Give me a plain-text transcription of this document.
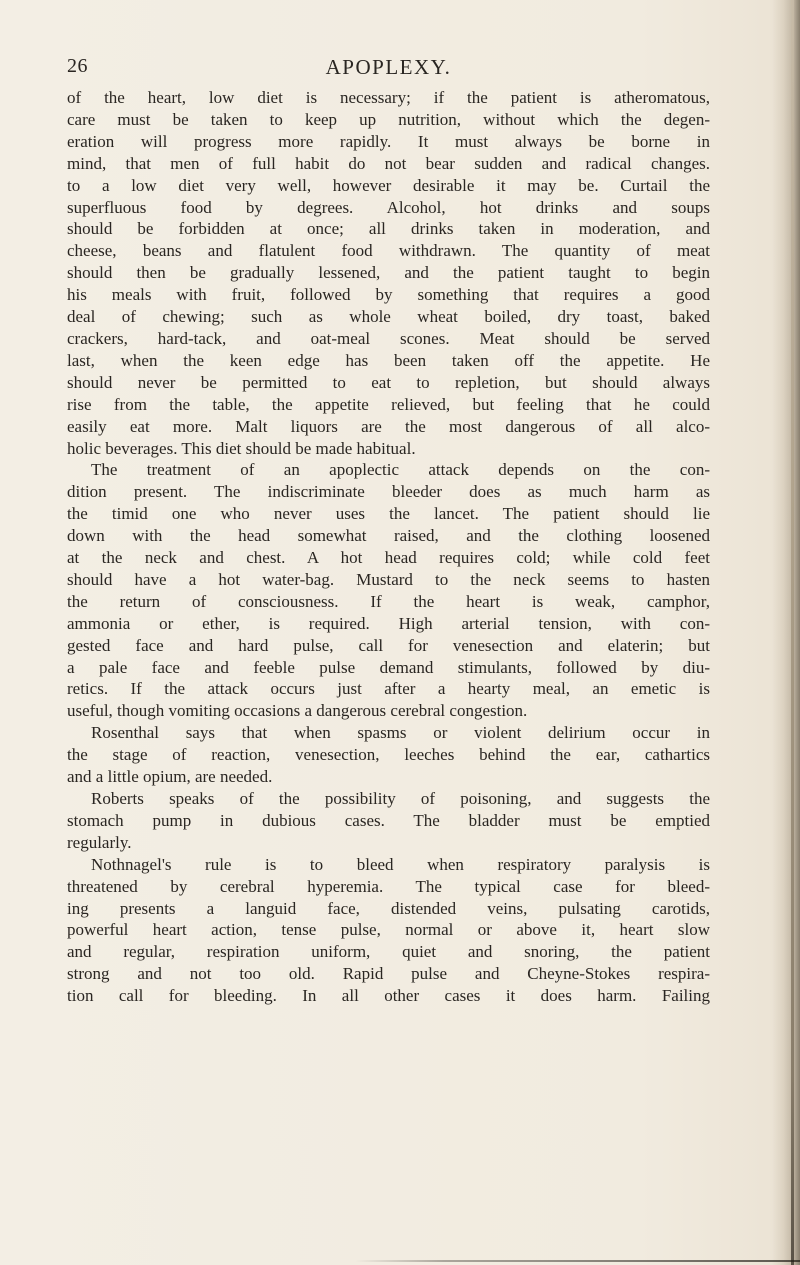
26	APOPLEXY.

of the heart, low diet is necessary; if the patient is atheromatous,

care must be taken to keep up nutrition, without which the degen-

eration will progress more rapidly. It must always be borne in

mind, that men of full habit do not bear sudden and radical changes.

to a low diet very well, however desirable it may be. Curtail the

superfluous food by degrees. Alcohol, hot drinks and soups

should be forbidden at once; all drinks taken in moderation, and

cheese, beans and flatulent food withdrawn. The quantity of meat

should then be gradually lessened, and the patient taught to begin

his meals with fruit, followed by something that requires a good

deal of chewing; such as whole wheat boiled, dry toast, baked

crackers, hard-tack, and oat-meal scones. Meat should be served

last, when the keen edge has been taken off the appetite. He

should never be permitted to eat to repletion, but should always

rise from the table, the appetite relieved, but feeling that he could

easily eat more. Malt liquors are the most dangerous of all alco-

holic beverages. This diet should be made habitual.

The treatment of an apoplectic attack depends on the con-

dition present. The indiscriminate bleeder does as much harm as

the timid one who never uses the lancet. The patient should lie

down with the head somewhat raised, and the clothing loosened

at the neck and chest. A hot head requires cold; while cold feet

should have a hot water-bag. Mustard to the neck seems to hasten

the return of consciousness. If the heart is weak, camphor,

ammonia or ether, is required. High arterial tension, with con-

gested face and hard pulse, call for venesection and elaterin; but

a pale face and feeble pulse demand stimulants, followed by diu-

retics. If the attack occurs just after a hearty meal, an emetic is

useful, though vomiting occasions a dangerous cerebral congestion.

Rosenthal says that when spasms or violent delirium occur in

the stage of reaction, venesection, leeches behind the ear, cathartics

and a little opium, are needed.

Roberts speaks of the possibility of poisoning, and suggests the

stomach pump in dubious cases. The bladder must be emptied

regularly.

Nothnagel's rule is to bleed when respiratory paralysis is

threatened by cerebral hyperemia. The typical case for bleed-

ing presents a languid face, distended veins, pulsating carotids,

powerful heart action, tense pulse, normal or above it, heart slow

and regular, respiration uniform, quiet and snoring, the patient

strong and not too old. Rapid pulse and Cheyne-Stokes respira-

tion call for bleeding. In all other cases it does harm. Failing
